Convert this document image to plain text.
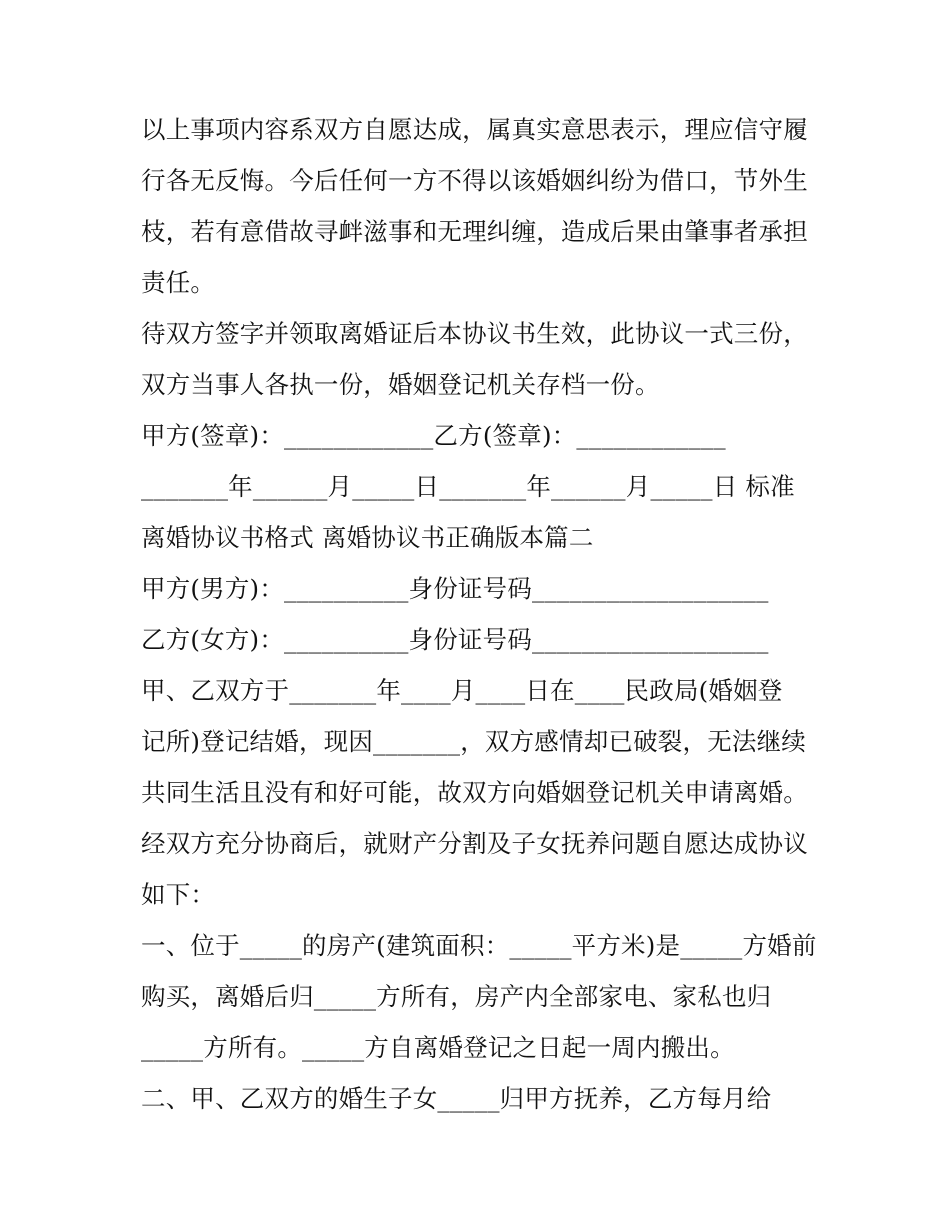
以上事项内容系双方自愿达成，属真实意思表示，理应信守履
行各无反悔。今后任何一方不得以该婚姻纠纷为借口，节外生
枝，若有意借故寻衅滋事和无理纠缠，造成后果由肇事者承担
责任。
待双方签字并领取离婚证后本协议书生效，此协议一式三份，
双方当事人各执一份，婚姻登记机关存档一份。
甲方(签章)：____________乙方(签章)：____________
_______年______月_____日_______年______月_____日 标准
离婚协议书格式 离婚协议书正确版本篇二
甲方(男方)：__________身份证号码___________________
乙方(女方)：__________身份证号码___________________
甲、乙双方于_______年____月____日在____民政局(婚姻登
记所)登记结婚，现因_______，双方感情却已破裂，无法继续
共同生活且没有和好可能，故双方向婚姻登记机关申请离婚。
经双方充分协商后，就财产分割及子女抚养问题自愿达成协议
如下：
一、位于_____的房产(建筑面积：_____平方米)是_____方婚前
购买，离婚后归_____方所有，房产内全部家电、家私也归
_____方所有。_____方自离婚登记之日起一周内搬出。
二、甲、乙双方的婚生子女_____归甲方抚养，乙方每月给
